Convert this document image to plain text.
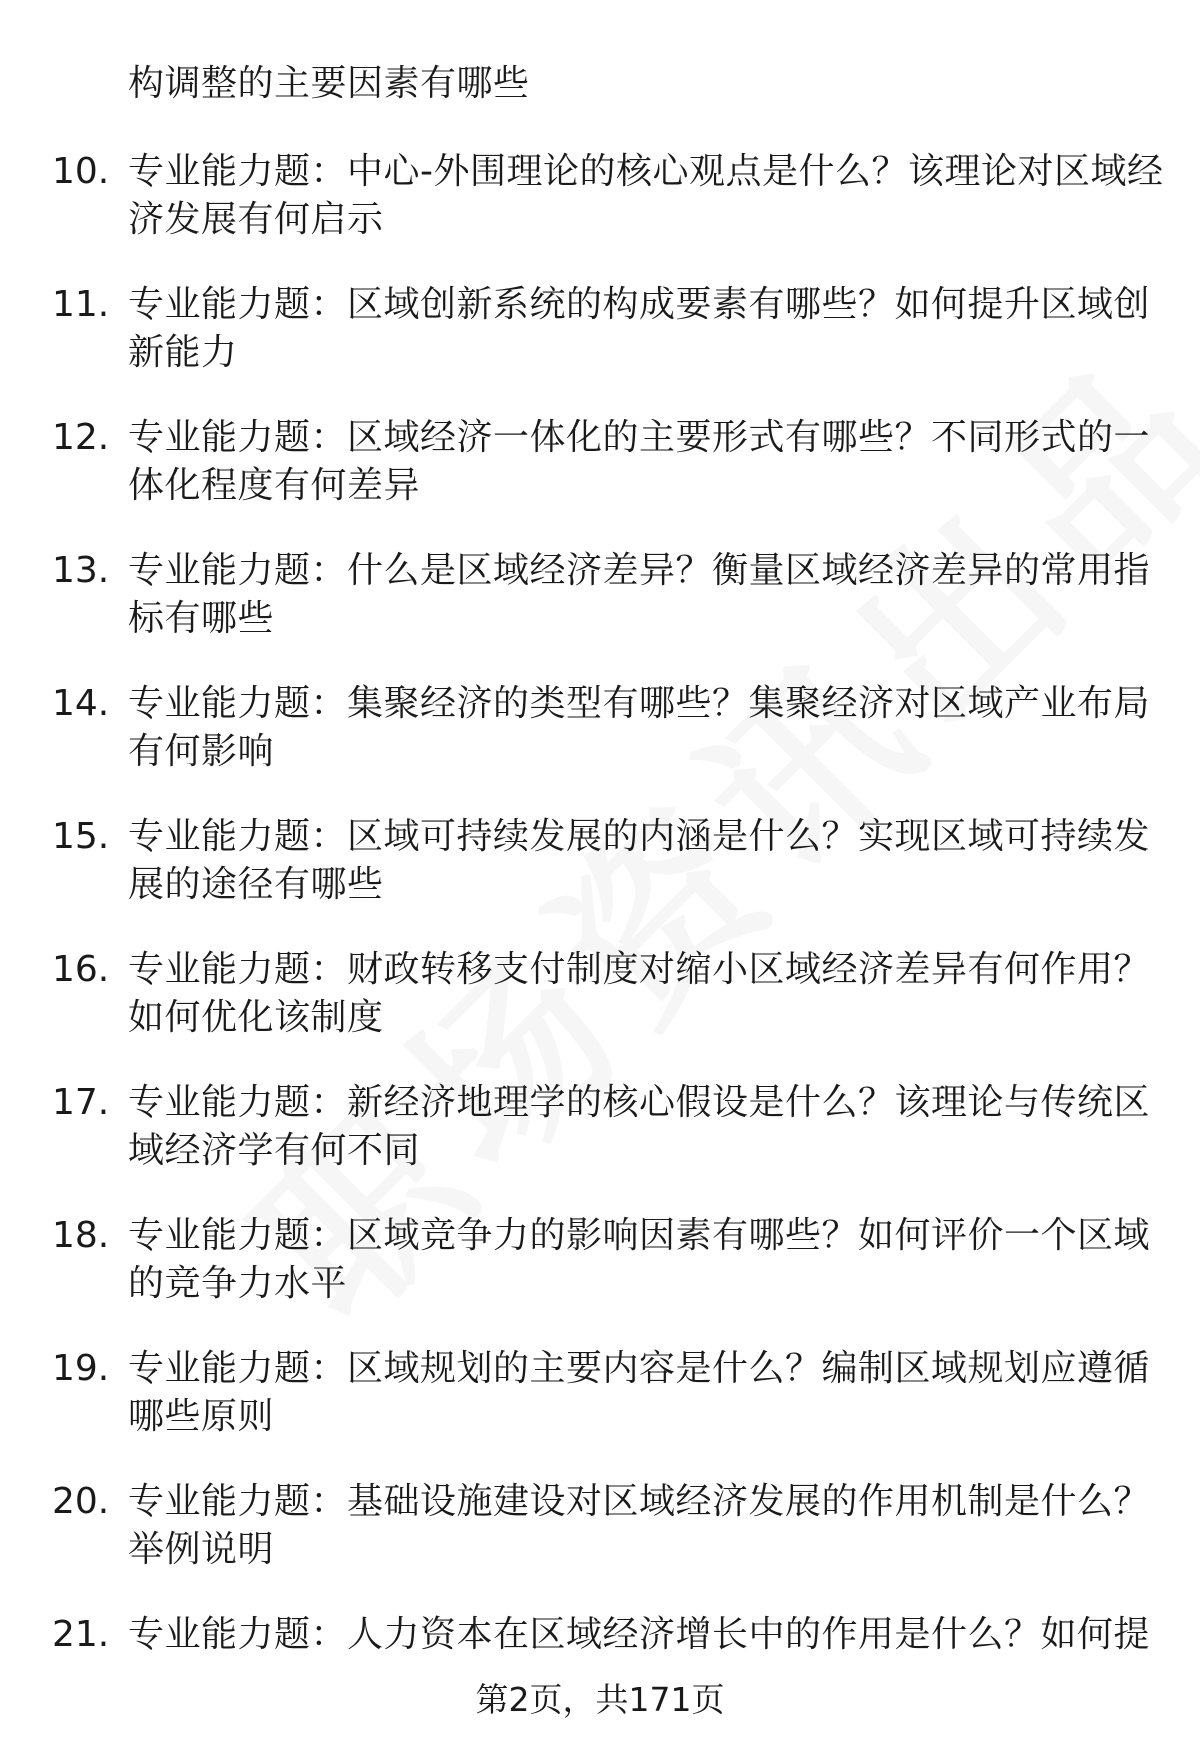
构调整的主要因素有哪些
10. 专业能力题：中心-外围理论的核心观点是什么？该理论对区域经
济发展有何启示
11. 专业能力题：区域创新系统的构成要素有哪些？如何提升区域创
新能力
12. 专业能力题：区域经济一体化的主要形式有哪些？不同形式的一
体化程度有何差异
13. 专业能力题：什么是区域经济差异？衡量区域经济差异的常用指
标有哪些
14. 专业能力题：集聚经济的类型有哪些？集聚经济对区域产业布局
有何影响
15. 专业能力题：区域可持续发展的内涵是什么？实现区域可持续发
展的途径有哪些
16. 专业能力题：财政转移支付制度对缩小区域经济差异有何作用？
如何优化该制度
17. 专业能力题：新经济地理学的核心假设是什么？该理论与传统区
域经济学有何不同
18. 专业能力题：区域竞争力的影响因素有哪些？如何评价一个区域
的竞争力水平
19. 专业能力题：区域规划的主要内容是什么？编制区域规划应遵循
哪些原则
20. 专业能力题：基础设施建设对区域经济发展的作用机制是什么？
举例说明
21. 专业能力题：人力资本在区域经济增长中的作用是什么？如何提
第2页，共171页
